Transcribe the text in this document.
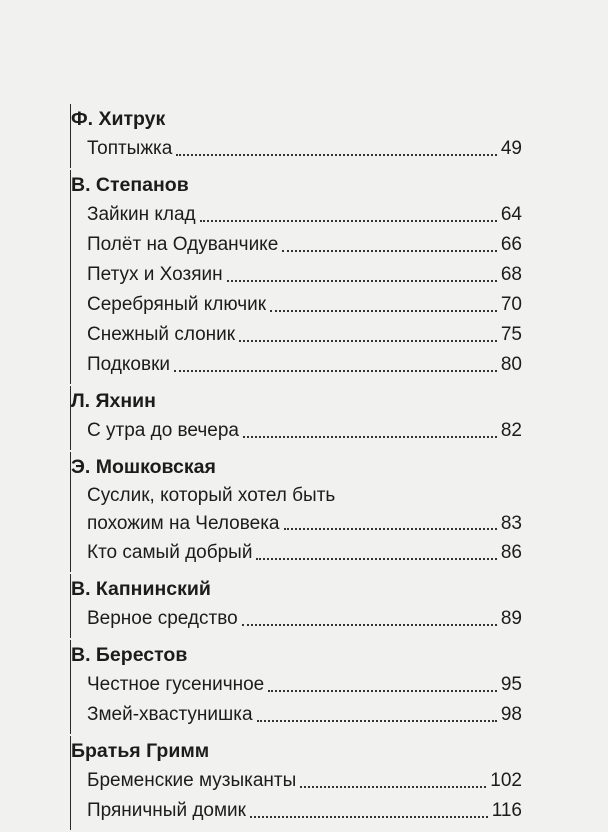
Ф. Хитрук
Топтыжка	49
В. Степанов
Зайкин клад	64
Полёт на Одуванчике	66
Петух и Хозяин	68
Серебряный ключик	70
Снежный слоник	75
Подковки	80
Л. Яхнин
С утра до вечера	82
Э. Мошковская
Суслик, который хотел быть
похожим на Человека	83
Кто самый добрый	86
В. Капнинский
Верное средство	89
В. Берестов
Честное гусеничное	95
Змей-хвастунишка	98
Братья Гримм
Бременские музыканты	102
Пряничный домик	116
